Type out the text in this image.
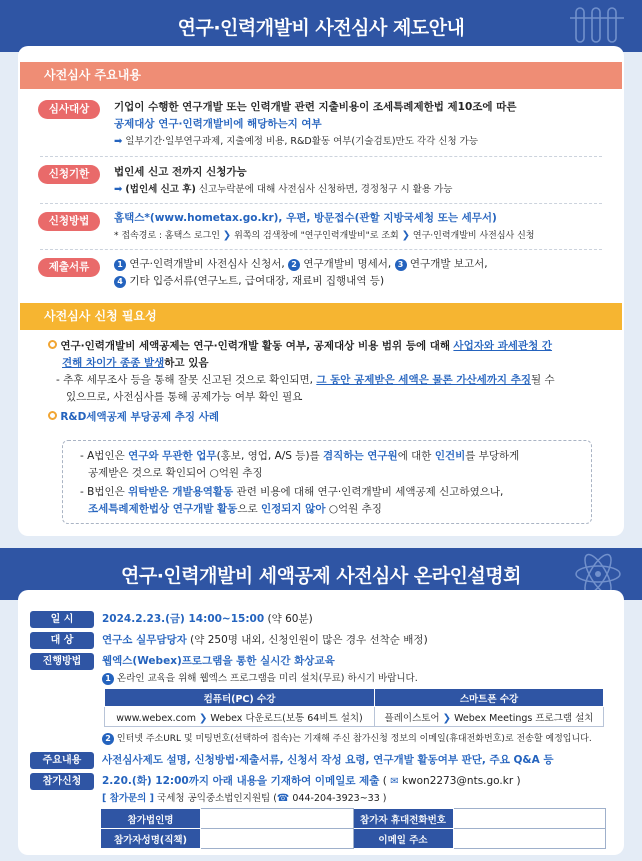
연구·인력개발비 사전심사 제도안내
사전심사 주요내용
심사대상	기업이 수행한 연구개발 또는 인력개발 관련 지출비용이 조세특례제한법 제10조에 따른
공제대상 연구·인력개발비에 해당하는지 여부
➡ 일부기간·일부연구과제, 지출예정 비용, R&D활동 여부(기술검토)만도 각각 신청 가능
신청기한	법인세 신고 전까지 신청가능
➡ (법인세 신고 후) 신고누락분에 대해 사전심사 신청하면, 경정청구 시 활용 가능
신청방법	홈택스*(www.hometax.go.kr), 우편, 방문접수(관할 지방국세청 또는 세무서)
* 접속경로 : 홈택스 로그인 ❯ 위쪽의 검색창에 "연구인력개발비"로 조회 ❯ 연구·인력개발비 사전심사 신청
제출서류	1 연구·인력개발비 사전심사 신청서, 2 연구개발비 명세서, 3 연구개발 보고서,
4 기타 입증서류(연구노트, 급여대장, 재료비 집행내역 등)
사전심사 신청 필요성
연구·인력개발비 세액공제는 연구·인력개발 활동 여부, 공제대상 비용 범위 등에 대해 사업자와 과세관청 간
견해 차이가 종종 발생하고 있음
- 추후 세무조사 등을 통해 잘못 신고된 것으로 확인되면, 그 동안 공제받은 세액은 물론 가산세까지 추징될 수
있으므로, 사전심사를 통해 공제가능 여부 확인 필요
R&D세액공제 부당공제 추징 사례
- A법인은 연구와 무관한 업무(홍보, 영업, A/S 등)를 겸직하는 연구원에 대한 인건비를 부당하게
공제받은 것으로 확인되어 ○억원 추징
- B법인은 위탁받은 개발용역활동 관련 비용에 대해 연구·인력개발비 세액공제 신고하였으나,
조세특례제한법상 연구개발 활동으로 인정되지 않아 ○억원 추징
연구·인력개발비 세액공제 사전심사 온라인설명회
일 시	2024.2.23.(금) 14:00~15:00 (약 60분)
대 상	연구소 실무담당자 (약 250명 내외, 신청인원이 많은 경우 선착순 배정)
진행방법	웹엑스(Webex)프로그램을 통한 실시간 화상교육
1 온라인 교육을 위해 웹엑스 프로그램을 미리 설치(무료) 하시기 바랍니다.
컴퓨터(PC) 수강	스마트폰 수강
www.webex.com ❯ Webex 다운로드(보통 64비트 설치)	플레이스토어 ❯ Webex Meetings 프로그램 설치
2 인터넷 주소URL 및 미팅번호(선택하여 접속)는 기재해 주신 참가신청 정보의 이메일(휴대전화번호)로 전송할 예정입니다.
주요내용	사전심사제도 설명, 신청방법·제출서류, 신청서 작성 요령, 연구개발 활동여부 판단, 주요 Q&A 등
참가신청	2.20.(화) 12:00까지 아래 내용을 기재하여 이메일로 제출 ( ✉ kwon2273@nts.go.kr )
[ 참가문의 ] 국세청 공익중소법인지원팀 (☎ 044-204-3923~33 )
참가법인명		참가자 휴대전화번호	
참가자성명(직책)		이메일 주소	
